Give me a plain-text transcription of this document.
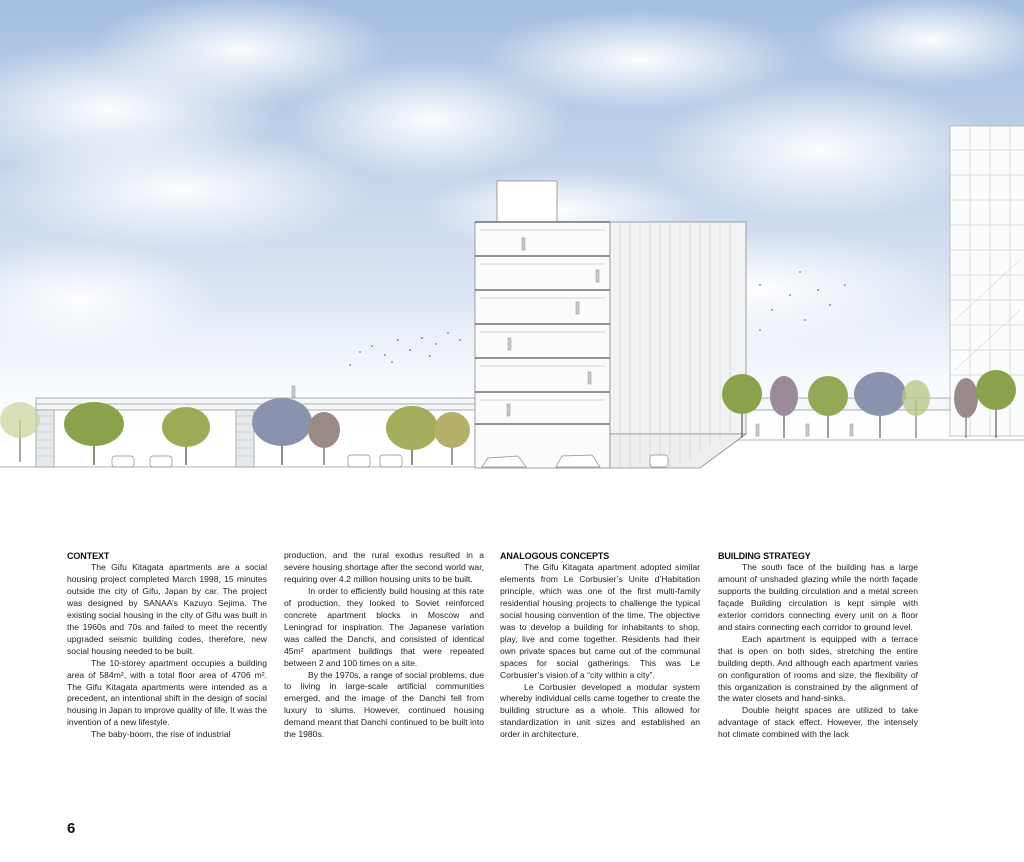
CONTEXT

The Gifu Kitagata apartments are a social housing project completed March 1998, 15 minutes outside the city of Gifu, Japan by car. The project was designed by SANAA’s Kazuyo Sejima. The existing social housing in the city of Gifu was built in the 1960s and 70s and failed to meet the recently upgraded seismic building codes, therefore, new social housing needed to be built.

The 10-storey apartment occupies a building area of 584m², with a total floor area of 4706 m². The Gifu Kitagata apartments were intended as a precedent, an intentional shift in the design of social housing in Japan to improve quality of life. It was the invention of a new lifestyle.

The baby-boom, the rise of industrial

production, and the rural exodus resulted in a severe housing shortage after the second world war, requiring over 4.2 million housing units to be built.

In order to efficiently build housing at this rate of production, they looked to Soviet reinforced concrete apartment blocks in Moscow and Leningrad for inspiration. The Japanese variation was called the Danchi, and consisted of identical 45m² apartment buildings that were repeated between 2 and 100 times on a site.

By the 1970s, a range of social problems, due to living in large-scale artificial communities emerged, and the image of the Danchi fell from luxury to slums. However, continued housing demand meant that Danchi continued to be built into the 1980s.

ANALOGOUS CONCEPTS

The Gifu Kitagata apartment adopted similar elements from Le Corbusier’s Unite d’Habitation principle, which was one of the first multi-family residential housing projects to challenge the typical social housing convention of the time. The objective was to develop a building for inhabitants to shop, play, live and come together. Residents had their own private spaces but came out of the communal spaces for social gatherings. This was Le Corbusier’s vision of a “city within a city”.

Le Corbusier developed a modular system whereby individual cells came together to create the building structure as a whole. This allowed for standardization in unit sizes and established an order in architecture.

BUILDING STRATEGY

The south face of the building has a large amount of unshaded glazing while the north façade supports the building circulation and a metal screen façade Building circulation is kept simple with exterior corridors connecting every unit on a floor and stairs connecting each corridor to ground level.

Each apartment is equipped with a terrace that is open on both sides, stretching the entire building depth. And although each apartment varies on configuration of rooms and size, the flexibility of this organization is constrained by the alignment of the water closets and hand-sinks.

Double height spaces are utilized to take advantage of stack effect. However, the intensely hot climate combined with the lack

6
